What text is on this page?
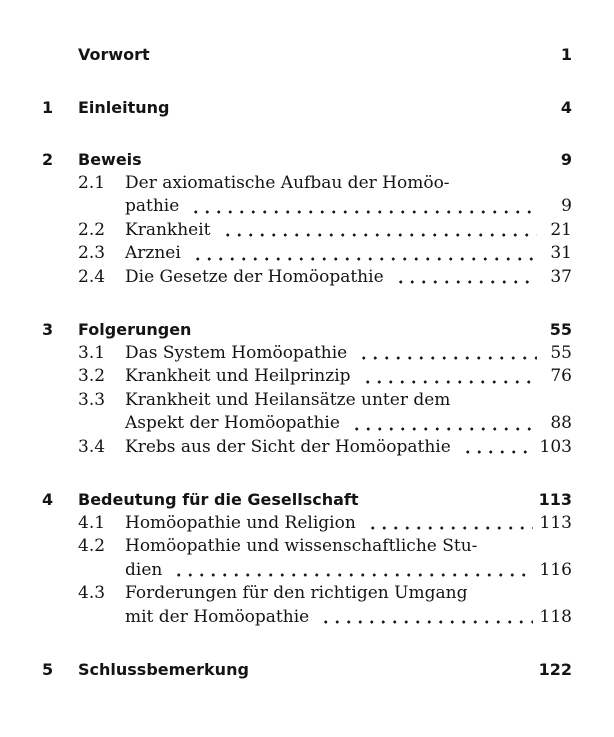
Vorwort	1
1	Einleitung	4
2	Beweis	9
2.1	Der axiomatische Aufbau der Homöo-
pathie	9
2.2	Krankheit	21
2.3	Arznei	31
2.4	Die Gesetze der Homöopathie	37
3	Folgerungen	55
3.1	Das System Homöopathie	55
3.2	Krankheit und Heilprinzip	76
3.3	Krankheit und Heilansätze unter dem
Aspekt der Homöopathie	88
3.4	Krebs aus der Sicht der Homöopathie	103
4	Bedeutung für die Gesellschaft	113
4.1	Homöopathie und Religion	113
4.2	Homöopathie und wissenschaftliche Stu-
dien	116
4.3	Forderungen für den richtigen Umgang
mit der Homöopathie	118
5	Schlussbemerkung	122
